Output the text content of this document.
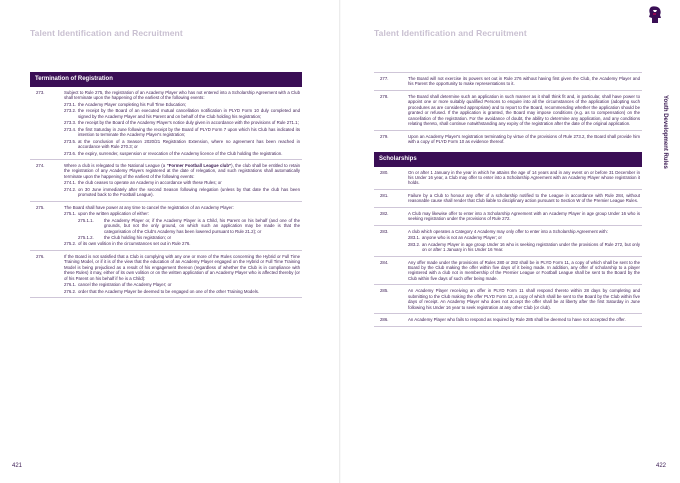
Talent Identification and Recruitment
Termination of Registration
273.	Subject to Rule 275, the registration of an Academy Player who has not entered into a Scholarship Agreement with a Club shall terminate upon the happening of the earliest of the following events:
273.1. the Academy Player completing his Full Time Education;
273.2. the receipt by the Board of an executed mutual cancellation notification in PLYD Form 10 duly completed and signed by the Academy Player and his Parent and on behalf of the Club holding his registration;
273.3. the receipt by the Board of the Academy Player's notice duly given in accordance with the provisions of Rule 271.1;
273.4. the first Saturday in June following the receipt by the Board of PLYD Form 7 upon which his Club has indicated its intention to terminate the Academy Player's registration;
273.5. at the conclusion of a Season 2020/21 Registration Extension, where no agreement has been reached in accordance with Rule 270.3; or
273.6. the expiry, surrender, suspension or revocation of the Academy licence of the Club holding the registration.
274.	Where a club is relegated to the National League (a “Former Football League club”), the club shall be entitled to retain the registration of any Academy Players registered at the date of relegation, and such registrations shall automatically terminate upon the happening of the earliest of the following events:
274.1. the club ceases to operate an Academy in accordance with these Rules; or
274.2. on 30 June immediately after the second Season following relegation (unless by that date the club has been promoted back to the Football League).
275.	The Board shall have power at any time to cancel the registration of an Academy Player:
275.1. upon the written application of either:
275.1.1. the Academy Player or, if the Academy Player is a Child, his Parent on his behalf (and one of the grounds, but not the only ground, on which such an application may be made is that the categorisation of the Club's Academy has been lowered pursuant to Rule 21.2); or
275.1.2. the Club holding his registration; or
275.2. of its own volition in the circumstances set out in Rule 276.
276.	If the Board is not satisfied that a Club is complying with any one or more of the Rules concerning the Hybrid or Full Time Training Model, or if it is of the view that the education of an Academy Player engaged on the Hybrid or Full Time Training Model is being prejudiced as a result of his engagement thereon (regardless of whether the Club is in compliance with these Rules) it may, either of its own volition or on the written application of an Academy Player who is affected thereby (or of his Parent on his behalf if he is a Child):
276.1. cancel the registration of the Academy Player; or
276.2. order that the Academy Player be deemed to be engaged on one of the other Training Models.
421
Talent Identification and Recruitment
Youth Development Rules
277.	The Board will not exercise its powers set out in Rule 276 without having first given the Club, the Academy Player and his Parent the opportunity to make representations to it.
278.	The Board shall determine such an application in such manner as it shall think fit and, in particular, shall have power to appoint one or more suitably qualified Persons to enquire into all the circumstances of the application (adopting such procedures as are considered appropriate) and to report to the Board, recommending whether the application should be granted or refused. If the application is granted, the Board may impose conditions (e.g. as to compensation) on the cancellation of the registration. For the avoidance of doubt, the ability to determine any application, and any conditions relating thereto, shall continue notwithstanding any expiry of the registration after the date of the original application.
279.	Upon an Academy Player's registration terminating by virtue of the provisions of Rule 273.2, the Board shall provide him with a copy of PLYD Form 10 as evidence thereof.
Scholarships
280.	On or after 1 January in the year in which he attains the age of 14 years and in any event on or before 31 December in his Under 16 year, a Club may offer to enter into a Scholarship Agreement with an Academy Player whose registration it holds.
281.	Failure by a Club to honour any offer of a scholarship notified to the League in accordance with Rule 284, without reasonable cause shall render that Club liable to disciplinary action pursuant to Section W of the Premier League Rules.
282.	A Club may likewise offer to enter into a Scholarship Agreement with an Academy Player in age group Under 16 who is seeking registration under the provisions of Rule 272.
283.	A club which operates a Category 4 Academy may only offer to enter into a Scholarship Agreement with:
283.1. anyone who is not an Academy Player; or
283.2. an Academy Player in age group Under 16 who is seeking registration under the provisions of Rule 272, but only on or after 1 January in his Under 16 Year.
284.	Any offer made under the provisions of Rules 280 or 282 shall be in PLYD Form 11, a copy of which shall be sent to the Board by the Club making the offer within five days of it being made. In addition, any offer of scholarship to a player registered with a club not in membership of the Premier League or Football League shall be sent to the Board by the Club within five days of such offer being made.
285.	An Academy Player receiving an offer in PLYD Form 11 shall respond thereto within 28 days by completing and submitting to the Club making the offer PLYD Form 12, a copy of which shall be sent to the Board by the Club within five days of receipt. An Academy Player who does not accept the offer shall be at liberty after the first Saturday in June following his Under 16 year to seek registration at any other Club (or club).
286.	An Academy Player who fails to respond as required by Rule 285 shall be deemed to have not accepted the offer.
422
